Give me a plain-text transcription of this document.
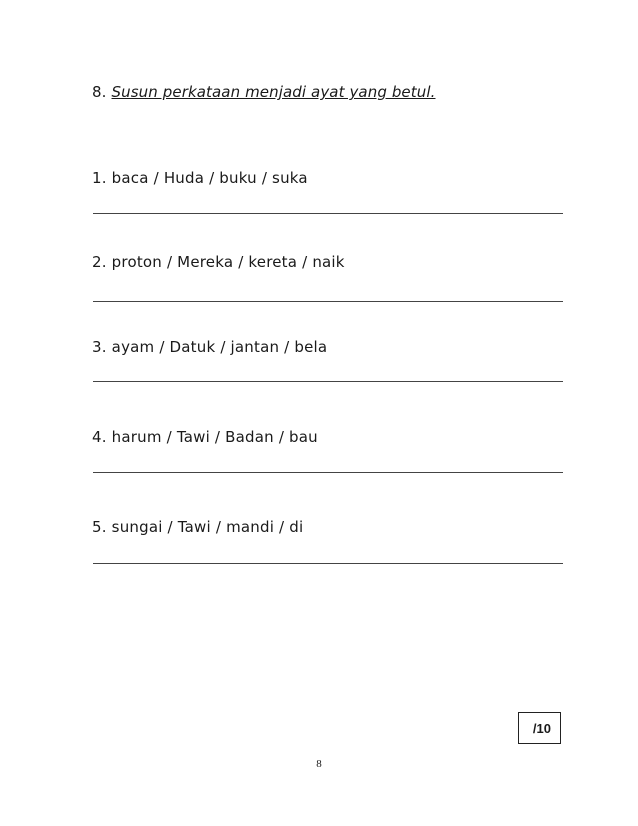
8. Susun perkataan menjadi ayat yang betul.
1. baca / Huda / buku / suka
2. proton / Mereka / kereta / naik
3. ayam / Datuk / jantan / bela
4. harum / Tawi / Badan / bau
5. sungai / Tawi / mandi / di
/10
8
